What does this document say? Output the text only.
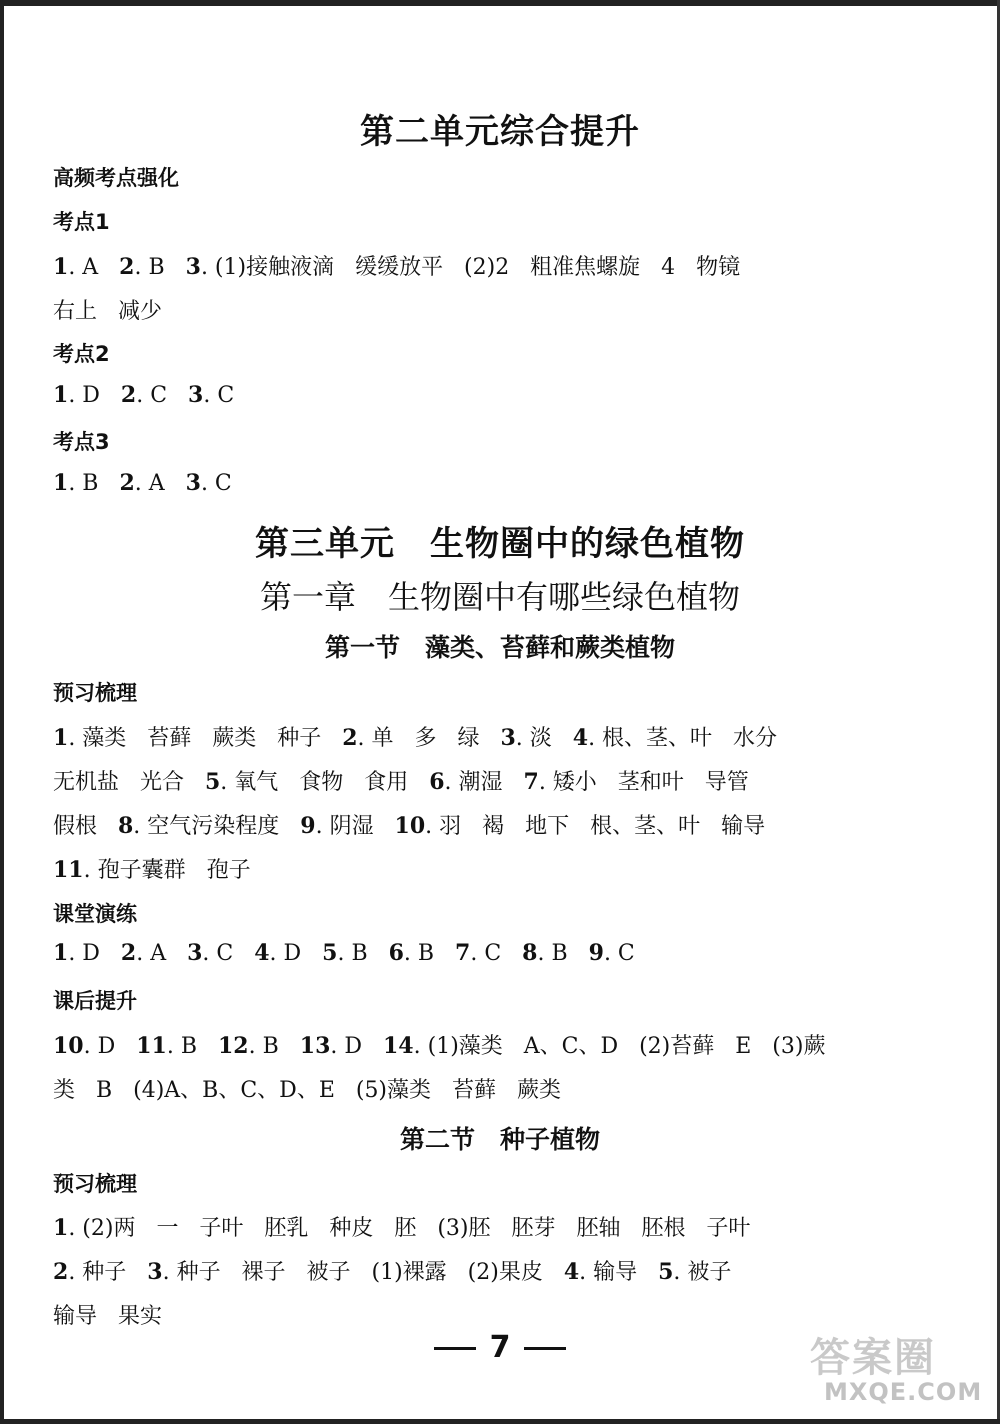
第二单元综合提升
高频考点强化
考点1
1. A   2. B   3. (1)接触液滴   缓缓放平   (2)2   粗准焦螺旋   4   物镜
右上   减少
考点2
1. D   2. C   3. C
考点3
1. B   2. A   3. C
第三单元　生物圈中的绿色植物
第一章　生物圈中有哪些绿色植物
第一节　藻类、苔藓和蕨类植物
预习梳理
1. 藻类   苔藓   蕨类   种子   2. 单   多   绿   3. 淡   4. 根、茎、叶   水分
无机盐   光合   5. 氧气   食物   食用   6. 潮湿   7. 矮小   茎和叶   导管
假根   8. 空气污染程度   9. 阴湿   10. 羽   褐   地下   根、茎、叶   输导
11. 孢子囊群   孢子
课堂演练
1. D   2. A   3. C   4. D   5. B   6. B   7. C   8. B   9. C
课后提升
10. D   11. B   12. B   13. D   14. (1)藻类   A、C、D   (2)苔藓   E   (3)蕨
类   B   (4)A、B、C、D、E   (5)藻类   苔藓   蕨类
第二节　种子植物
预习梳理
1. (2)两   一   子叶   胚乳   种皮   胚   (3)胚   胚芽   胚轴   胚根   子叶
2. 种子   3. 种子   裸子   被子   (1)裸露   (2)果皮   4. 输导   5. 被子
输导   果实
7	答案圈
MXQE.COM
